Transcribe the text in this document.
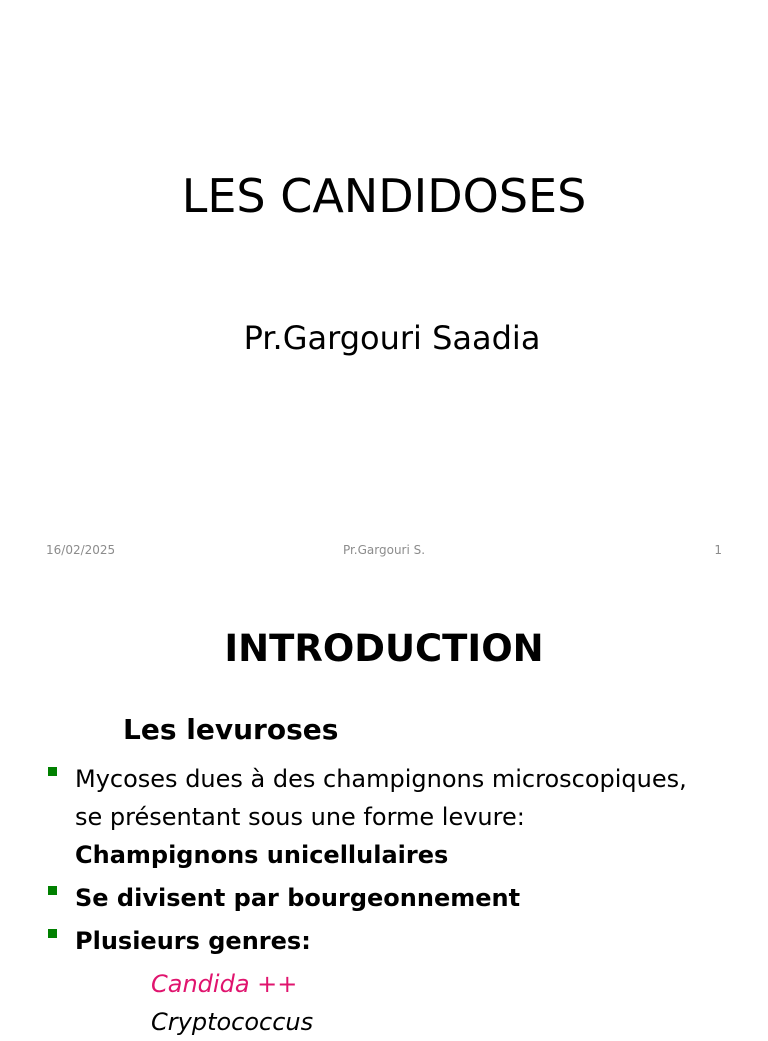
LES CANDIDOSES
Pr.Gargouri Saadia
16/02/2025	Pr.Gargouri S.	1
INTRODUCTION
Les levuroses
Mycoses dues à des champignons microscopiques, se présentant sous une forme levure: Champignons unicellulaires
Se divisent par bourgeonnement
Plusieurs genres:
Candida ++
Cryptococcus
